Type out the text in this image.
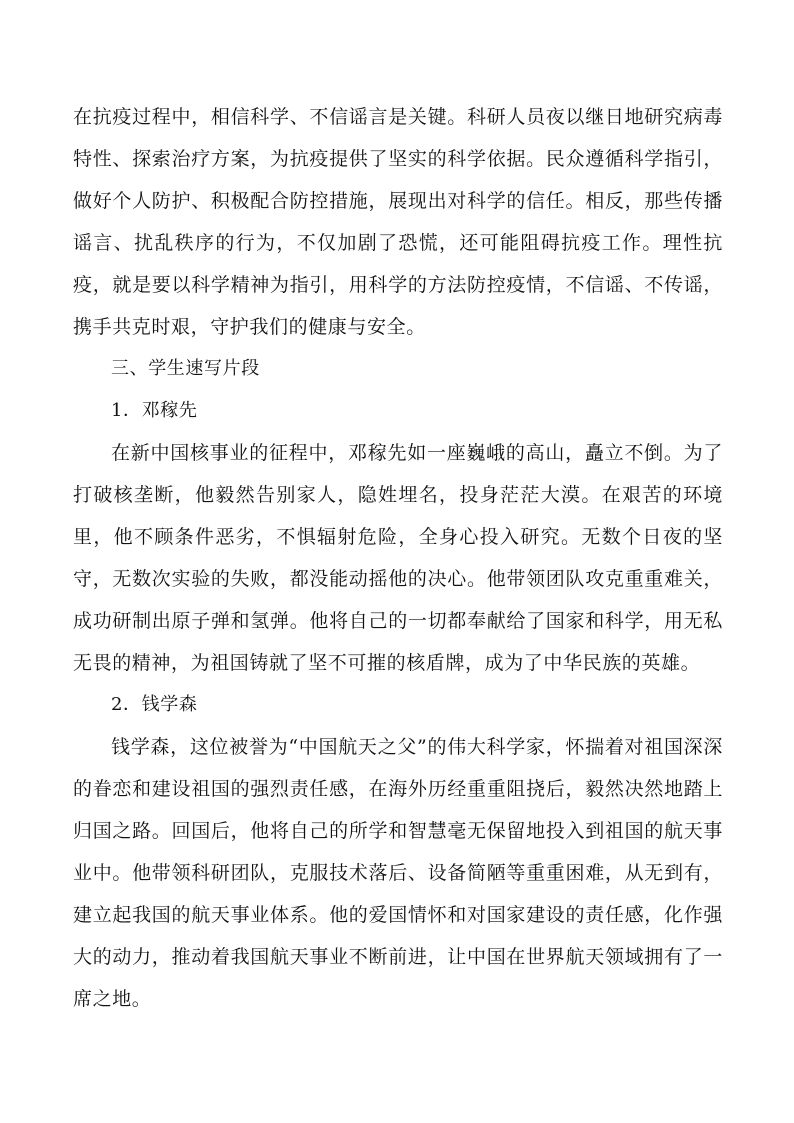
在抗疫过程中，相信科学、不信谣言是关键。科研人员夜以继日地研究病毒特性、探索治疗方案，为抗疫提供了坚实的科学依据。民众遵循科学指引，做好个人防护、积极配合防控措施，展现出对科学的信任。相反，那些传播谣言、扰乱秩序的行为，不仅加剧了恐慌，还可能阻碍抗疫工作。理性抗疫，就是要以科学精神为指引，用科学的方法防控疫情，不信谣、不传谣，携手共克时艰，守护我们的健康与安全。

三、学生速写片段

1．邓稼先

在新中国核事业的征程中，邓稼先如一座巍峨的高山，矗立不倒。为了打破核垄断，他毅然告别家人，隐姓埋名，投身茫茫大漠。在艰苦的环境里，他不顾条件恶劣，不惧辐射危险，全身心投入研究。无数个日夜的坚守，无数次实验的失败，都没能动摇他的决心。他带领团队攻克重重难关，成功研制出原子弹和氢弹。他将自己的一切都奉献给了国家和科学，用无私无畏的精神，为祖国铸就了坚不可摧的核盾牌，成为了中华民族的英雄。

2．钱学森

钱学森，这位被誉为“中国航天之父”的伟大科学家，怀揣着对祖国深深的眷恋和建设祖国的强烈责任感，在海外历经重重阻挠后，毅然决然地踏上归国之路。回国后，他将自己的所学和智慧毫无保留地投入到祖国的航天事业中。他带领科研团队，克服技术落后、设备简陋等重重困难，从无到有，建立起我国的航天事业体系。他的爱国情怀和对国家建设的责任感，化作强大的动力，推动着我国航天事业不断前进，让中国在世界航天领域拥有了一席之地。
